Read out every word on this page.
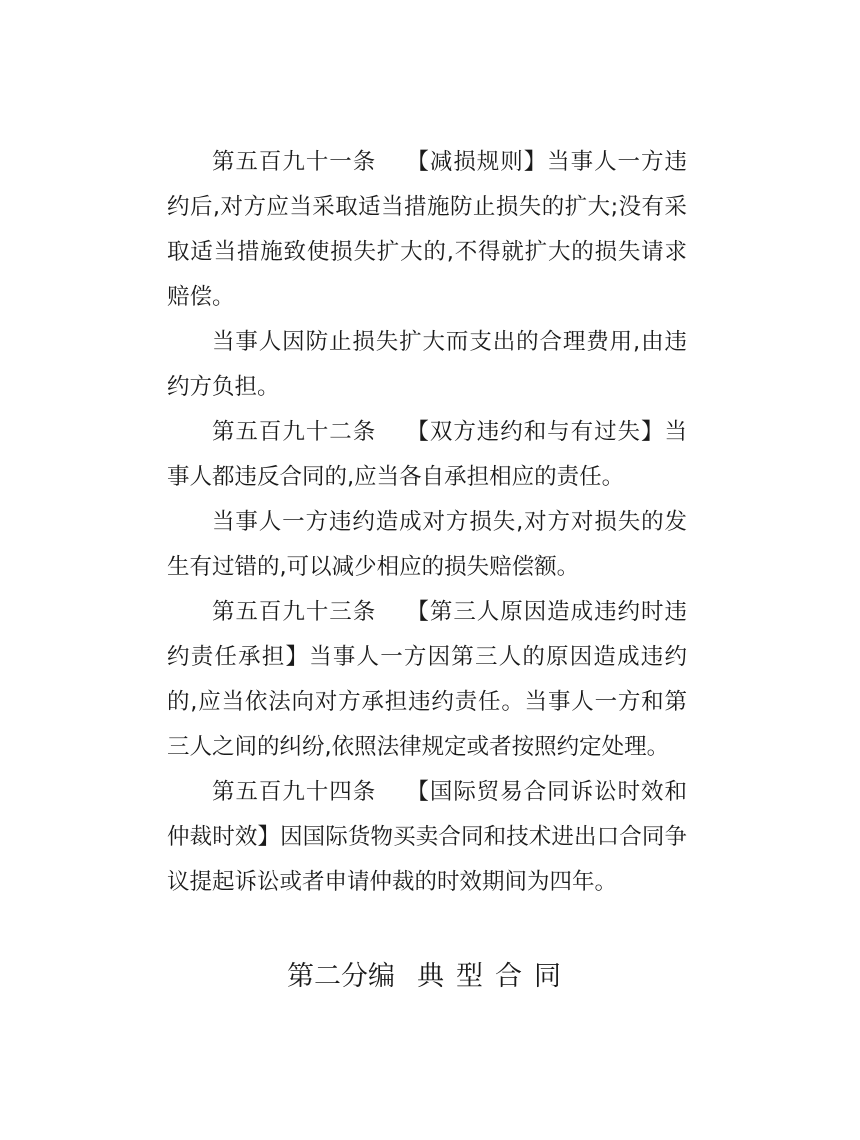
第五百九十一条 【减损规则】当事人一方违约后,对方应当采取适当措施防止损失的扩大;没有采取适当措施致使损失扩大的,不得就扩大的损失请求赔偿。

当事人因防止损失扩大而支出的合理费用,由违约方负担。

第五百九十二条 【双方违约和与有过失】当事人都违反合同的,应当各自承担相应的责任。

当事人一方违约造成对方损失,对方对损失的发生有过错的,可以减少相应的损失赔偿额。

第五百九十三条 【第三人原因造成违约时违约责任承担】当事人一方因第三人的原因造成违约的,应当依法向对方承担违约责任。当事人一方和第三人之间的纠纷,依照法律规定或者按照约定处理。

第五百九十四条 【国际贸易合同诉讼时效和仲裁时效】因国际货物买卖合同和技术进出口合同争议提起诉讼或者申请仲裁的时效期间为四年。

第二分编 典型合同
